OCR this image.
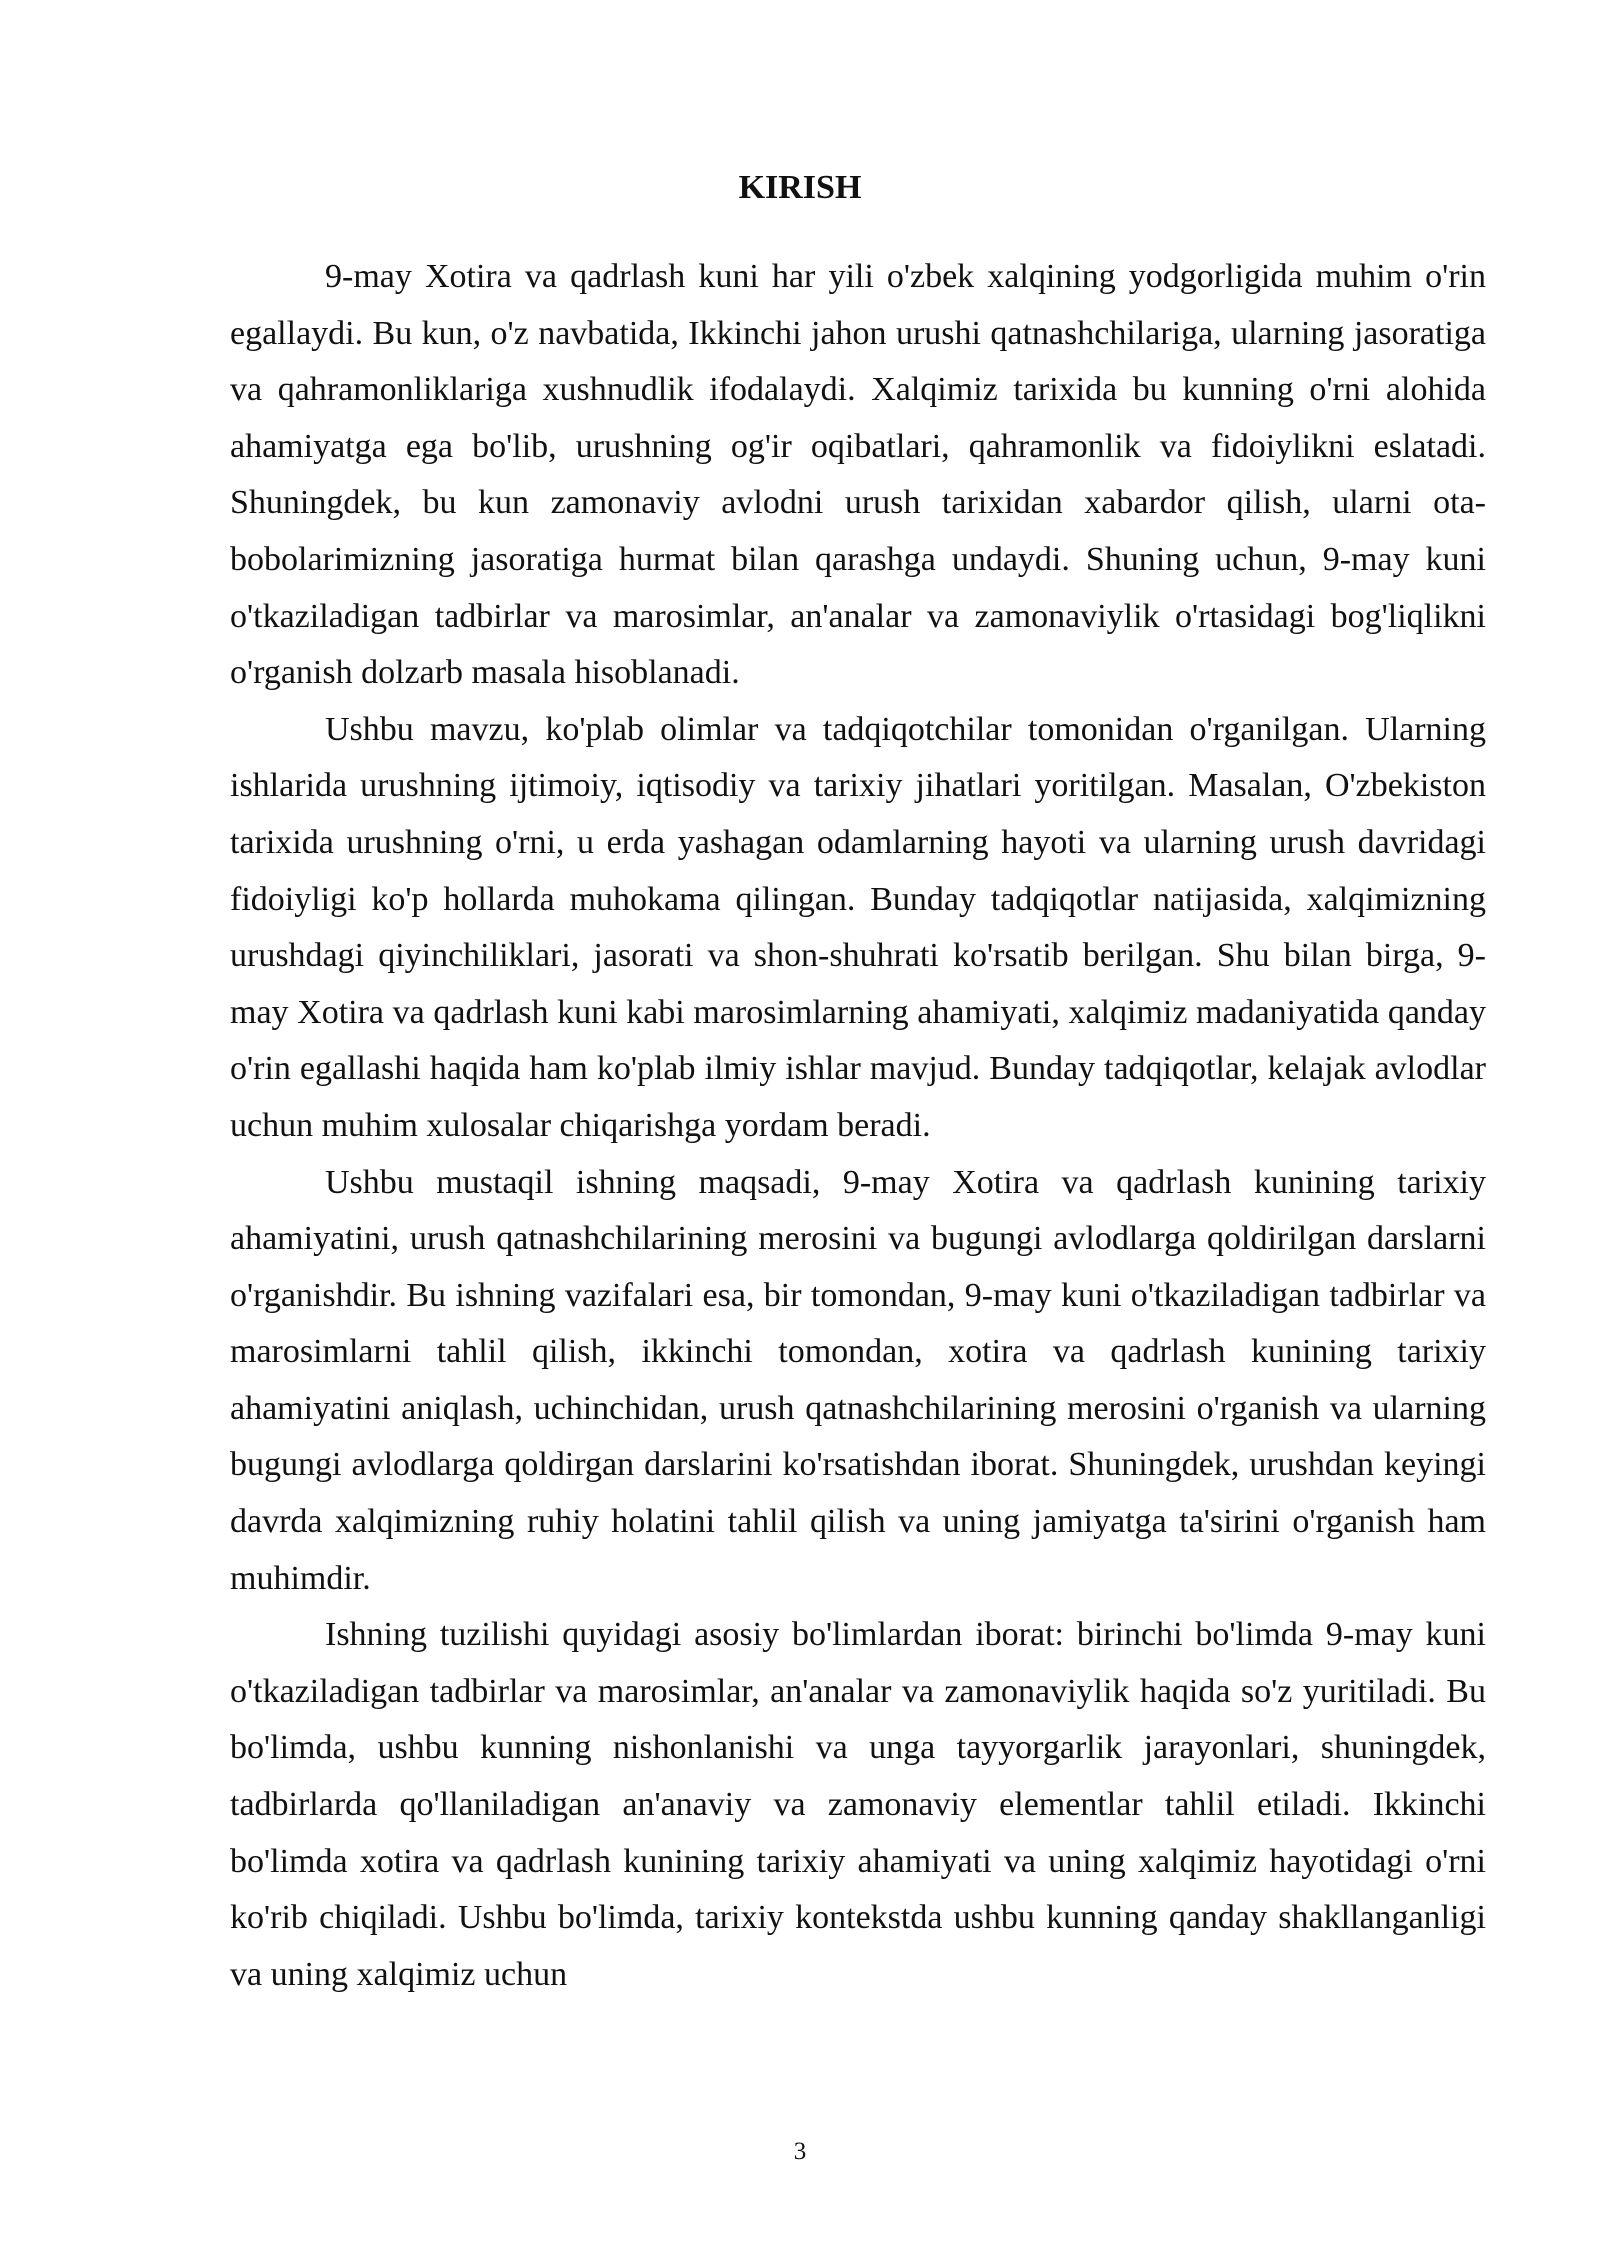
KIRISH

9-may Xotira va qadrlash kuni har yili o'zbek xalqining yodgorligida muhim o'rin egallaydi. Bu kun, o'z navbatida, Ikkinchi jahon urushi qatnashchilariga, ularning jasoratiga va qahramonliklariga xushnudlik ifodalaydi. Xalqimiz tarixida bu kunning o'rni alohida ahamiyatga ega bo'lib, urushning og'ir oqibatlari, qahramonlik va fidoiylikni eslatadi. Shuningdek, bu kun zamonaviy avlodni urush tarixidan xabardor qilish, ularni ota-bobolarimizning jasoratiga hurmat bilan qarashga undaydi. Shuning uchun, 9-may kuni o'tkaziladigan tadbirlar va marosimlar, an'analar va zamonaviylik o'rtasidagi bog'liqlikni o'rganish dolzarb masala hisoblanadi.

Ushbu mavzu, ko'plab olimlar va tadqiqotchilar tomonidan o'rganilgan. Ularning ishlarida urushning ijtimoiy, iqtisodiy va tarixiy jihatlari yoritilgan. Masalan, O'zbekiston tarixida urushning o'rni, u erda yashagan odamlarning hayoti va ularning urush davridagi fidoiyligi ko'p hollarda muhokama qilingan. Bunday tadqiqotlar natijasida, xalqimizning urushdagi qiyinchiliklari, jasorati va shon-shuhrati ko'rsatib berilgan. Shu bilan birga, 9-may Xotira va qadrlash kuni kabi marosimlarning ahamiyati, xalqimiz madaniyatida qanday o'rin egallashi haqida ham ko'plab ilmiy ishlar mavjud. Bunday tadqiqotlar, kelajak avlodlar uchun muhim xulosalar chiqarishga yordam beradi.

Ushbu mustaqil ishning maqsadi, 9-may Xotira va qadrlash kunining tarixiy ahamiyatini, urush qatnashchilarining merosini va bugungi avlodlarga qoldirilgan darslarni o'rganishdir. Bu ishning vazifalari esa, bir tomondan, 9-may kuni o'tkaziladigan tadbirlar va marosimlarni tahlil qilish, ikkinchi tomondan, xotira va qadrlash kunining tarixiy ahamiyatini aniqlash, uchinchidan, urush qatnashchilarining merosini o'rganish va ularning bugungi avlodlarga qoldirgan darslarini ko'rsatishdan iborat. Shuningdek, urushdan keyingi davrda xalqimizning ruhiy holatini tahlil qilish va uning jamiyatga ta'sirini o'rganish ham muhimdir.

Ishning tuzilishi quyidagi asosiy bo'limlardan iborat: birinchi bo'limda 9-may kuni o'tkaziladigan tadbirlar va marosimlar, an'analar va zamonaviylik haqida so'z yuritiladi. Bu bo'limda, ushbu kunning nishonlanishi va unga tayyorgarlik jarayonlari, shuningdek, tadbirlarda qo'llaniladigan an'anaviy va zamonaviy elementlar tahlil etiladi. Ikkinchi bo'limda xotira va qadrlash kunining tarixiy ahamiyati va uning xalqimiz hayotidagi o'rni ko'rib chiqiladi. Ushbu bo'limda, tarixiy kontekstda ushbu kunning qanday shakllanganligi va uning xalqimiz uchun

3
